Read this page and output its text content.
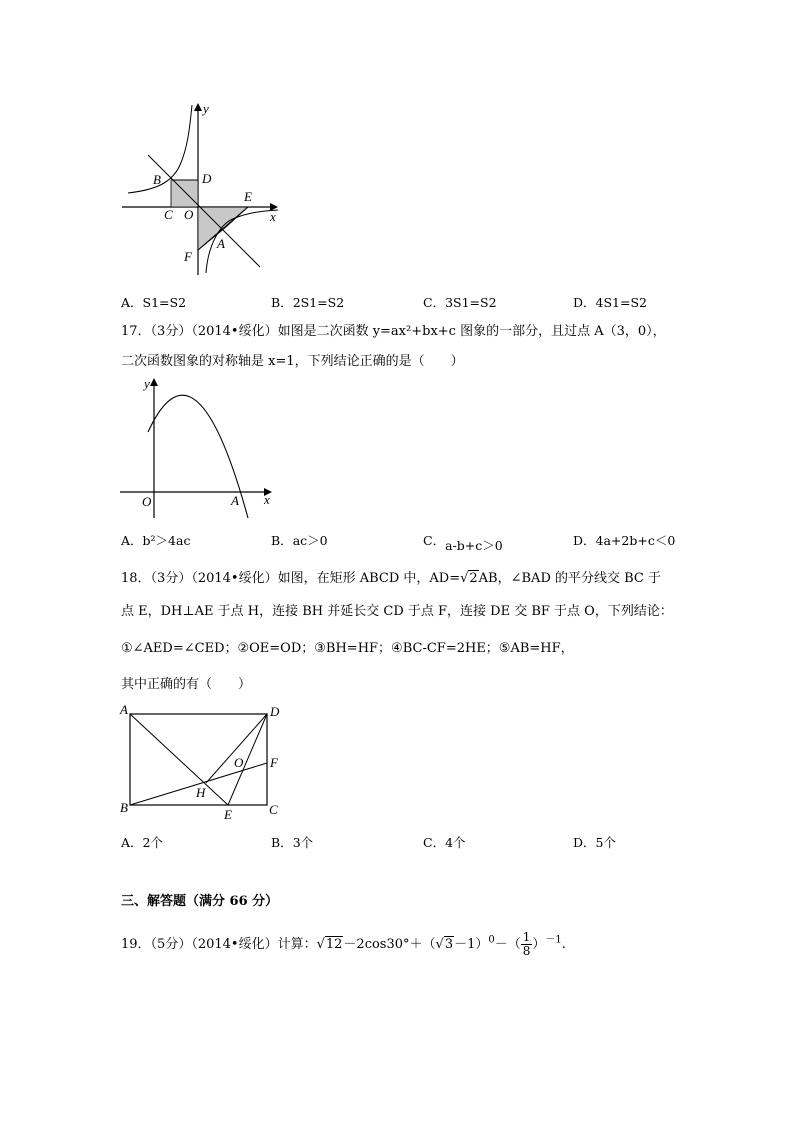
y
x
B	D
E
C O
A
F
A．S1=S2	B．2S1=S2	C．3S1=S2	D．4S1=S2
17．（3分）（2014•绥化）如图是二次函数 y=ax²+bx+c 图象的一部分，且过点 A（3，0），
二次函数图象的对称轴是 x=1，下列结论正确的是（　　）
y
x
O	A
A．b²＞4ac	B．ac＞0	C．a-b+c＞0	D．4a+2b+c＜0
18．（3分）（2014•绥化）如图，在矩形 ABCD 中，AD=√2AB，∠BAD 的平分线交 BC 于
点 E，DH⊥AE 于点 H，连接 BH 并延长交 CD 于点 F，连接 DE 交 BF 于点 O，下列结论：
①∠AED=∠CED；②OE=OD；③BH=HF；④BC-CF=2HE；⑤AB=HF，
其中正确的有（　　）
A	D
O F
B
H
E	C
A．2个	B．3个	C．4个	D．5个
三、解答题（满分 66 分）
19．（5分）（2014•绥化）计算：$√12-2\cos 30^\circ+(√3-1)^0-( \frac{1}{8} )^{-1}$.
